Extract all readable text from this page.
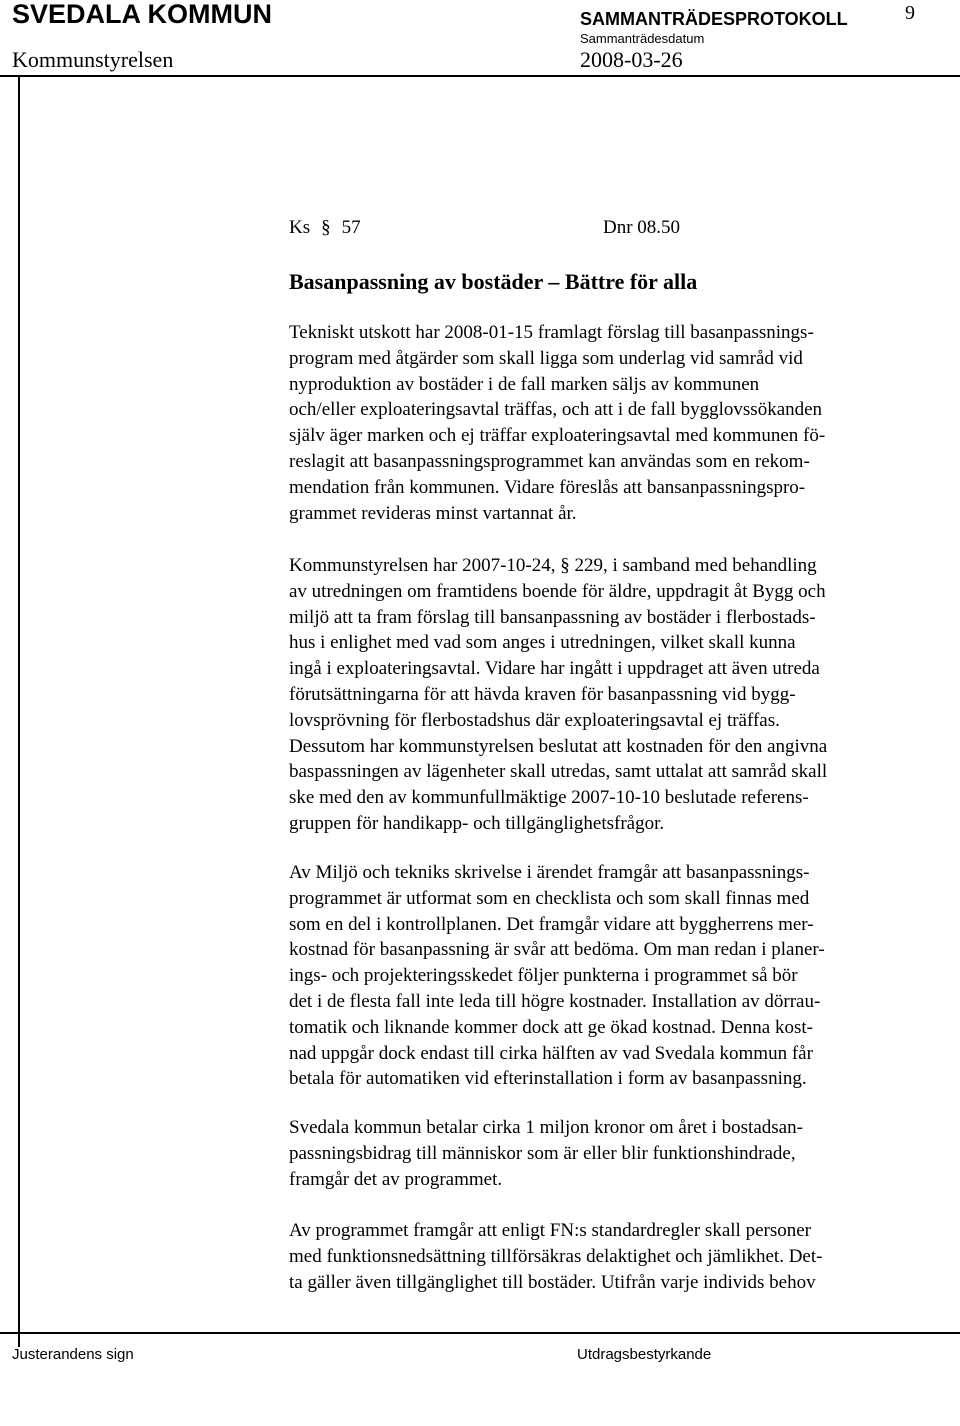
SVEDALA KOMMUN	SAMMANTRÄDESPROTOKOLL	9
Kommunstyrelsen
Sammanträdesdatum
2008-03-26
Ks § 57	Dnr 08.50
Basanpassning av bostäder – Bättre för alla
Tekniskt utskott har 2008-01-15 framlagt förslag till basanpassnings-
program med åtgärder som skall ligga som underlag vid samråd vid
nyproduktion av bostäder i de fall marken säljs av kommunen
och/eller exploateringsavtal träffas, och att i de fall bygglovssökanden
själv äger marken och ej träffar exploateringsavtal med kommunen fö-
reslagit att basanpassningsprogrammet kan användas som en rekom-
mendation från kommunen. Vidare föreslås att bansanpassningspro-
grammet revideras minst vartannat år.
Kommunstyrelsen har 2007-10-24, § 229, i samband med behandling
av utredningen om framtidens boende för äldre, uppdragit åt Bygg och
miljö att ta fram förslag till bansanpassning av bostäder i flerbostads-
hus i enlighet med vad som anges i utredningen, vilket skall kunna
ingå i exploateringsavtal. Vidare har ingått i uppdraget att även utreda
förutsättningarna för att hävda kraven för basanpassning vid bygg-
lovsprövning för flerbostadshus där exploateringsavtal ej träffas.
Dessutom har kommunstyrelsen beslutat att kostnaden för den angivna
baspassningen av lägenheter skall utredas, samt uttalat att samråd skall
ske med den av kommunfullmäktige 2007-10-10 beslutade referens-
gruppen för handikapp- och tillgänglighetsfrågor.
Av Miljö och tekniks skrivelse i ärendet framgår att basanpassnings-
programmet är utformat som en checklista och som skall finnas med
som en del i kontrollplanen. Det framgår vidare att byggherrens mer-
kostnad för basanpassning är svår att bedöma. Om man redan i planer-
ings- och projekteringsskedet följer punkterna i programmet så bör
det i de flesta fall inte leda till högre kostnader. Installation av dörrau-
tomatik och liknande kommer dock att ge ökad kostnad. Denna kost-
nad uppgår dock endast till cirka hälften av vad Svedala kommun får
betala för automatiken vid efterinstallation i form av basanpassning.
Svedala kommun betalar cirka 1 miljon kronor om året i bostadsan-
passningsbidrag till människor som är eller blir funktionshindrade,
framgår det av programmet.
Av programmet framgår att enligt FN:s standardregler skall personer
med funktionsnedsättning tillförsäkras delaktighet och jämlikhet. Det-
ta gäller även tillgänglighet till bostäder. Utifrån varje individs behov
Justerandens sign	Utdragsbestyrkande
